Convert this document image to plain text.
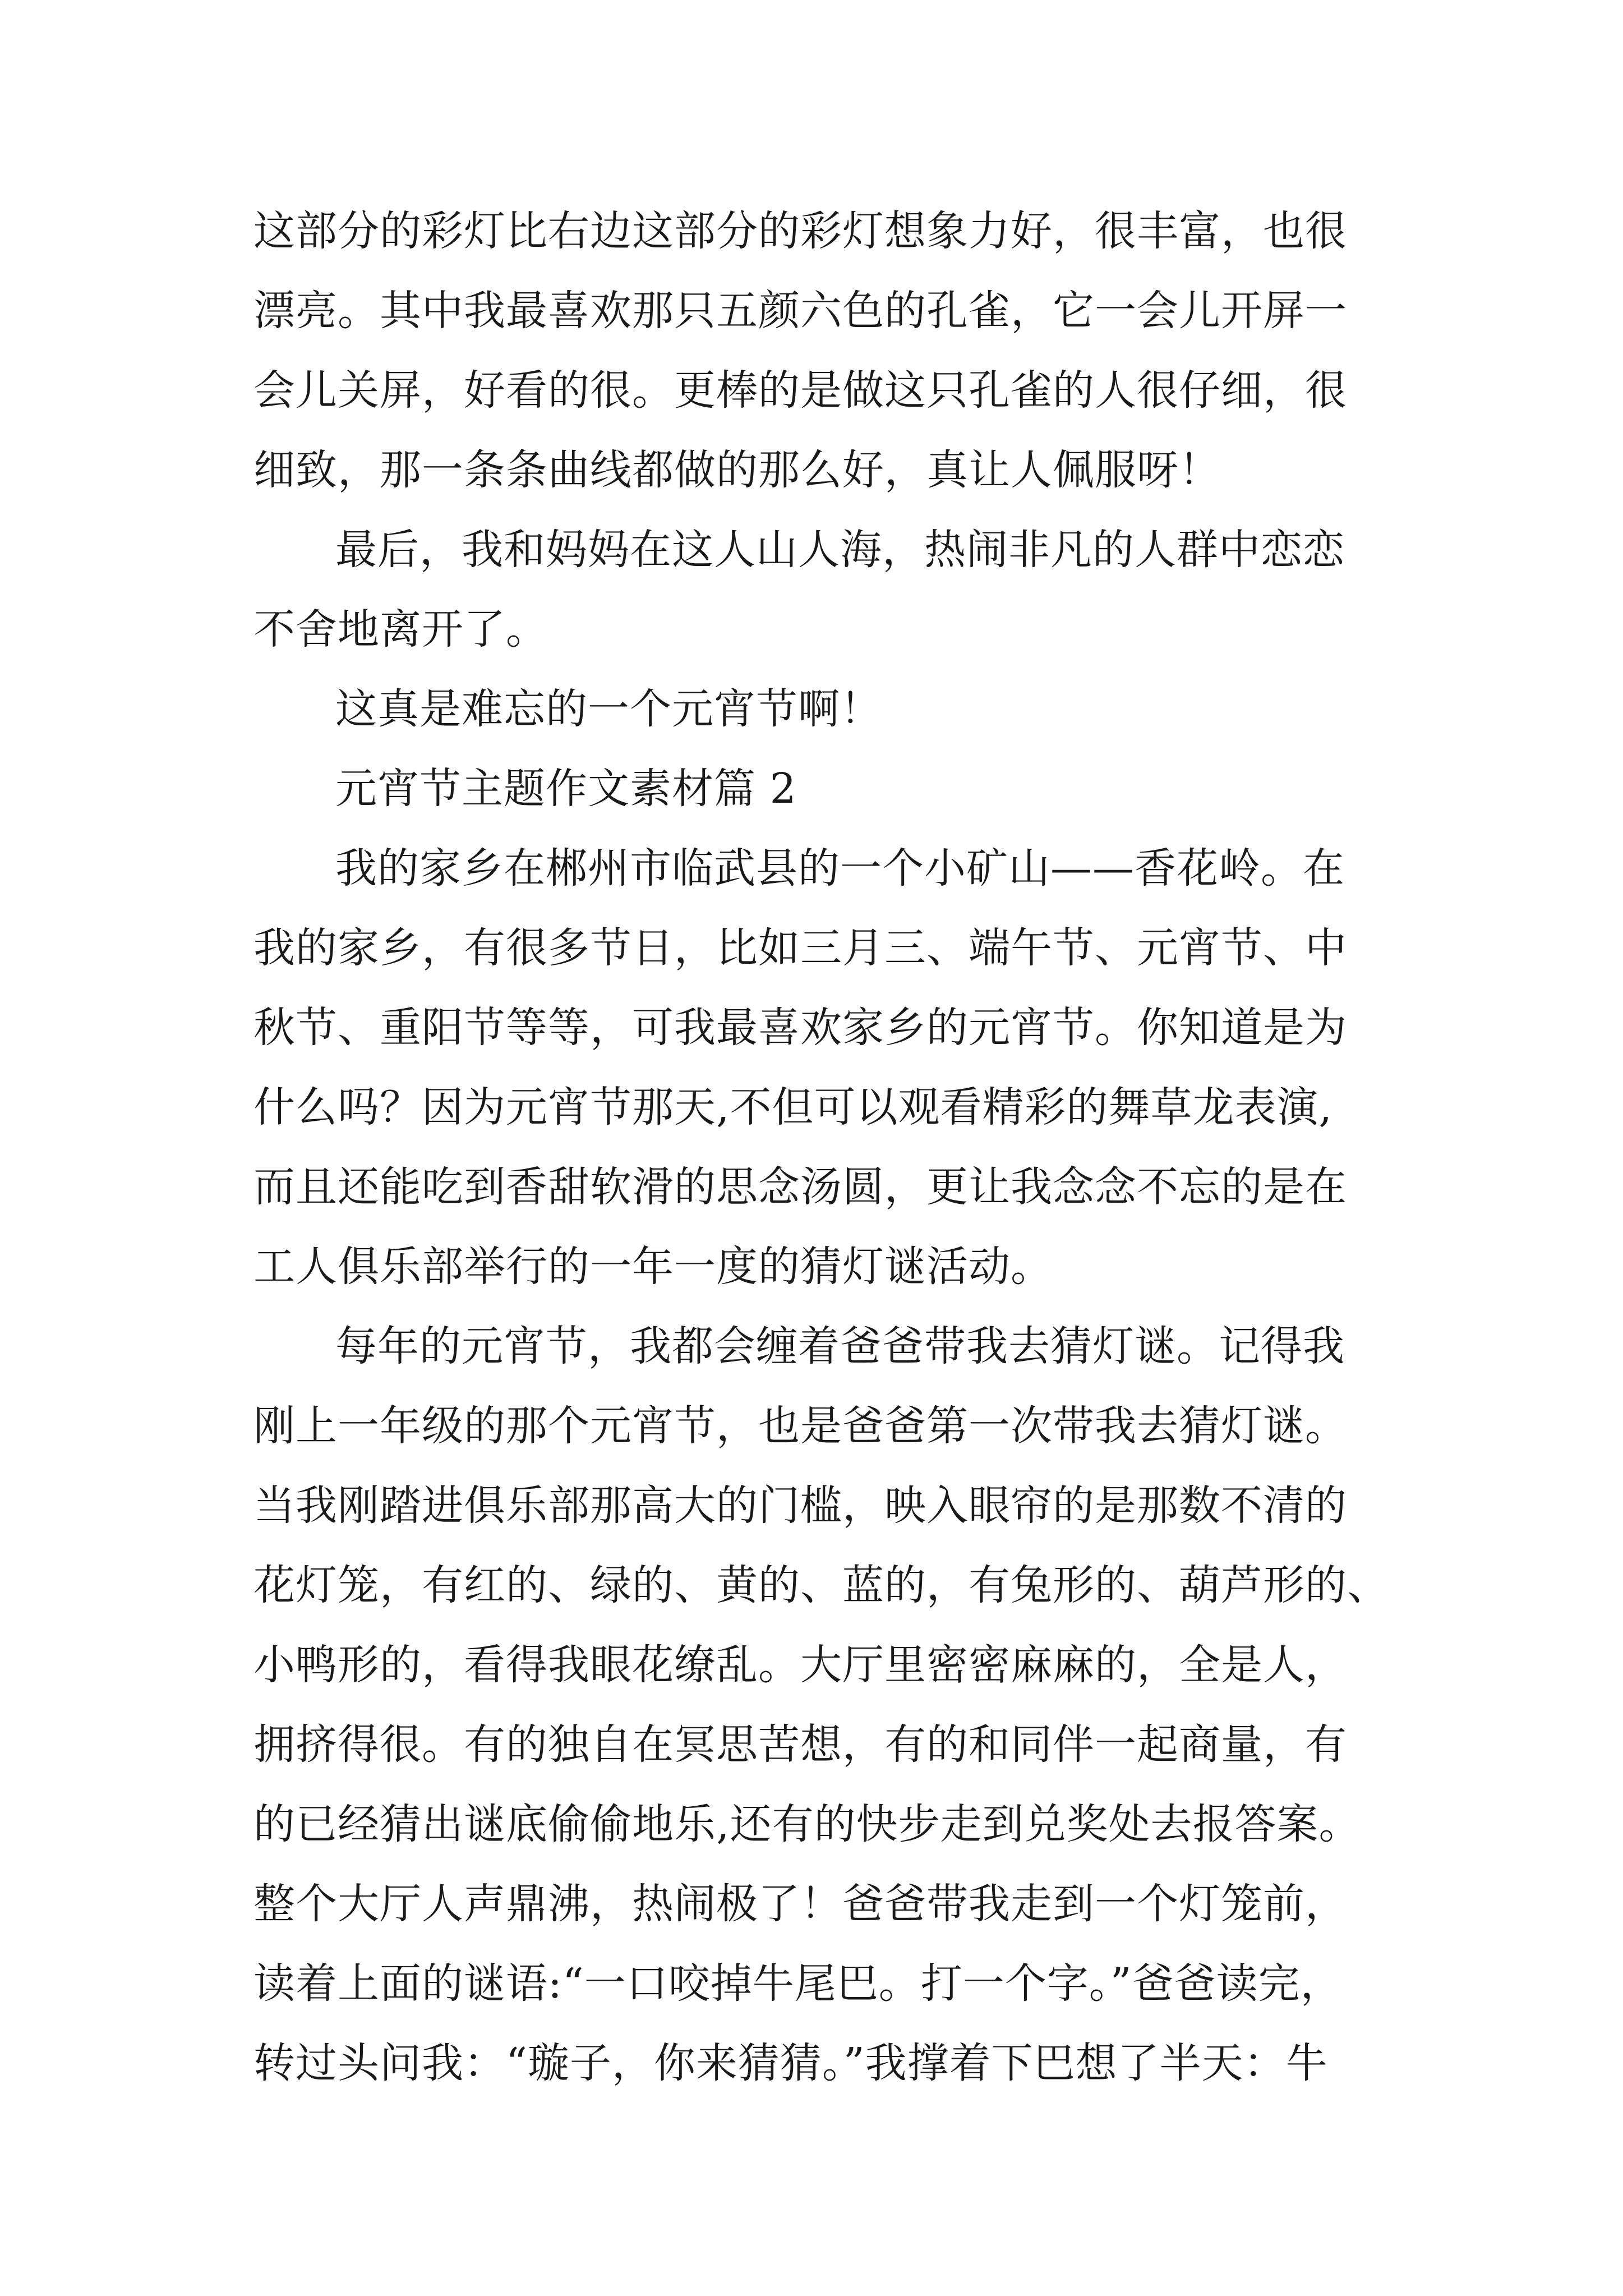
这部分的彩灯比右边这部分的彩灯想象力好，很丰富，也很
漂亮。其中我最喜欢那只五颜六色的孔雀，它一会儿开屏一
会儿关屏，好看的很。更棒的是做这只孔雀的人很仔细，很
细致，那一条条曲线都做的那么好，真让人佩服呀！
最后，我和妈妈在这人山人海，热闹非凡的人群中恋恋
不舍地离开了。
这真是难忘的一个元宵节啊！
元宵节主题作文素材篇 2
我的家乡在郴州市临武县的一个小矿山——香花岭。在
我的家乡，有很多节日，比如三月三、端午节、元宵节、中
秋节、重阳节等等，可我最喜欢家乡的元宵节。你知道是为
什么吗？因为元宵节那天,不但可以观看精彩的舞草龙表演,
而且还能吃到香甜软滑的思念汤圆，更让我念念不忘的是在
工人俱乐部举行的一年一度的猜灯谜活动。
每年的元宵节，我都会缠着爸爸带我去猜灯谜。记得我
刚上一年级的那个元宵节，也是爸爸第一次带我去猜灯谜。
当我刚踏进俱乐部那高大的门槛，映入眼帘的是那数不清的
花灯笼，有红的、绿的、黄的、蓝的，有兔形的、葫芦形的、
小鸭形的，看得我眼花缭乱。大厅里密密麻麻的，全是人，
拥挤得很。有的独自在冥思苦想，有的和同伴一起商量，有
的已经猜出谜底偷偷地乐,还有的快步走到兑奖处去报答案。
整个大厅人声鼎沸，热闹极了！爸爸带我走到一个灯笼前，
读着上面的谜语:“一口咬掉牛尾巴。打一个字。”爸爸读完，
转过头问我：“璇子，你来猜猜。”我撑着下巴想了半天：牛
